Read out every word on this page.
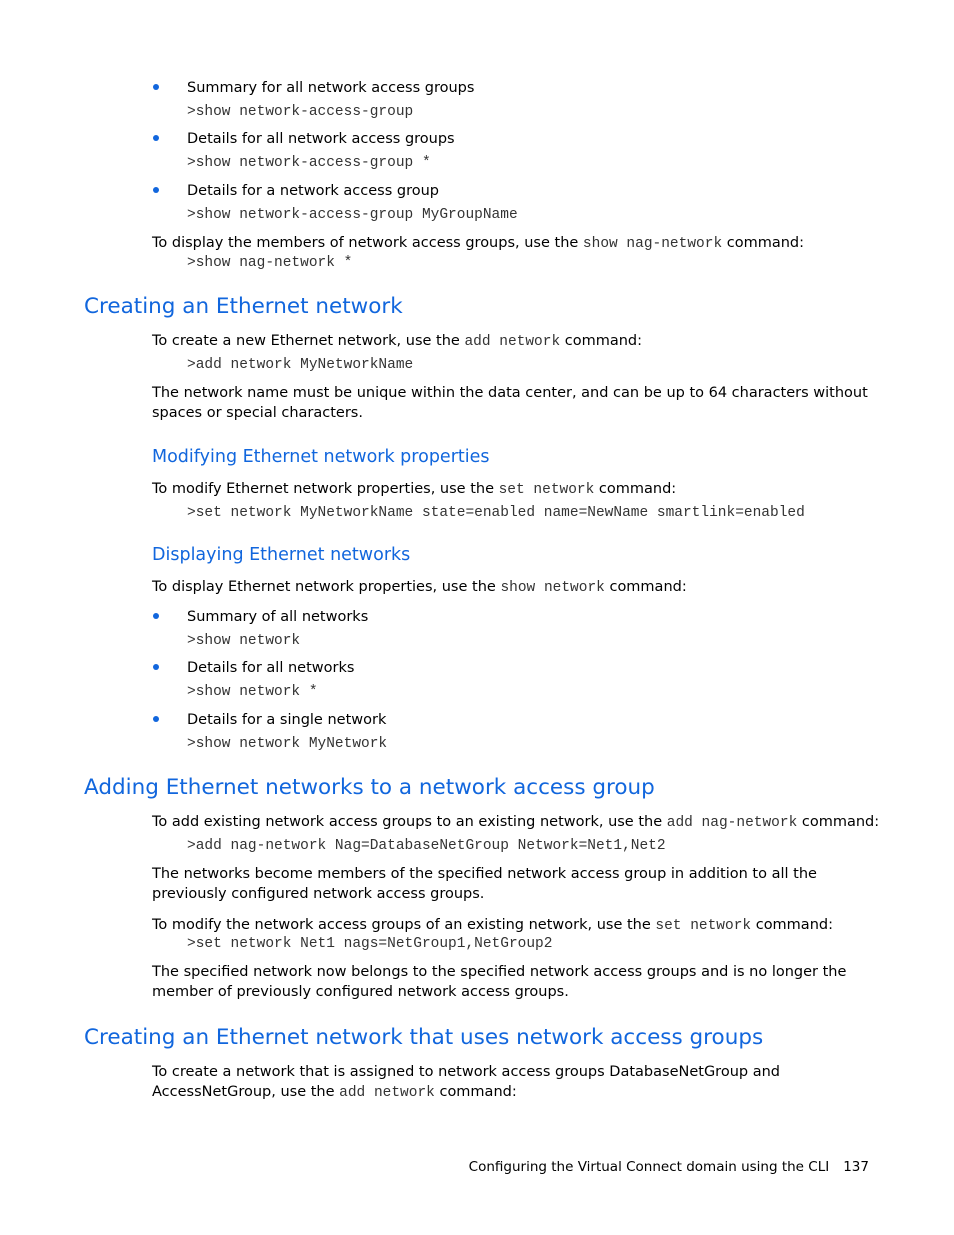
Summary for all network access groups
>show network-access-group
Details for all network access groups
>show network-access-group *
Details for a network access group
>show network-access-group MyGroupName
To display the members of network access groups, use the show nag-network command:
>show nag-network *
Creating an Ethernet network
To create a new Ethernet network, use the add network command:
>add network MyNetworkName
The network name must be unique within the data center, and can be up to 64 characters without spaces or special characters.
Modifying Ethernet network properties
To modify Ethernet network properties, use the set network command:
>set network MyNetworkName state=enabled name=NewName smartlink=enabled
Displaying Ethernet networks
To display Ethernet network properties, use the show network command:
Summary of all networks
>show network
Details for all networks
>show network *
Details for a single network
>show network MyNetwork
Adding Ethernet networks to a network access group
To add existing network access groups to an existing network, use the add nag-network command:
>add nag-network Nag=DatabaseNetGroup Network=Net1,Net2
The networks become members of the specified network access group in addition to all the previously configured network access groups.
To modify the network access groups of an existing network, use the set network command:
>set network Net1 nags=NetGroup1,NetGroup2
The specified network now belongs to the specified network access groups and is no longer the member of previously configured network access groups.
Creating an Ethernet network that uses network access groups
To create a network that is assigned to network access groups DatabaseNetGroup and AccessNetGroup, use the add network command:
Configuring the Virtual Connect domain using the CLI 137
